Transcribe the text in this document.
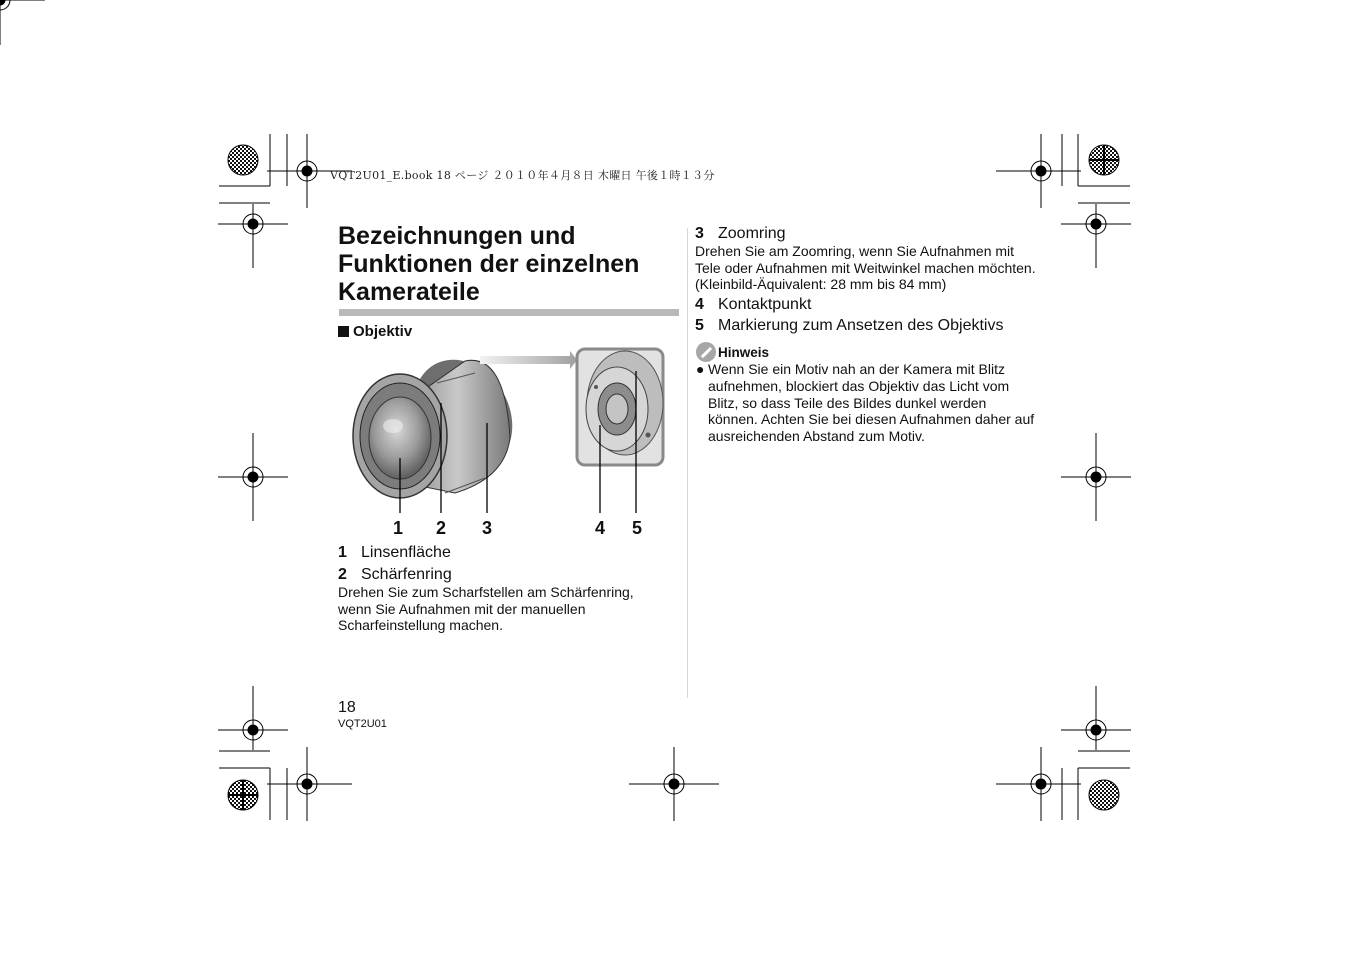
VQT2U01_E.book 18 ページ ２０１０年４月８日 木曜日 午後１時１３分
Bezeichnungen und Funktionen der einzelnen Kamerateile
Objektiv
1 2 3	4 5
1 Linsenfläche
2 Schärfenring

Drehen Sie zum Scharfstellen am Schärfenring, wenn Sie Aufnahmen mit der manuellen Scharfeinstellung machen.

3 Zoomring

Drehen Sie am Zoomring, wenn Sie Aufnahmen mit Tele oder Aufnahmen mit Weitwinkel machen möchten. (Kleinbild-Äquivalent: 28 mm bis 84 mm)

4 Kontaktpunkt
5 Markierung zum Ansetzen des Objektivs
Hinweis
● Wenn Sie ein Motiv nah an der Kamera mit Blitz aufnehmen, blockiert das Objektiv das Licht vom Blitz, so dass Teile des Bildes dunkel werden können. Achten Sie bei diesen Aufnahmen daher auf ausreichenden Abstand zum Motiv.
18
VQT2U01
